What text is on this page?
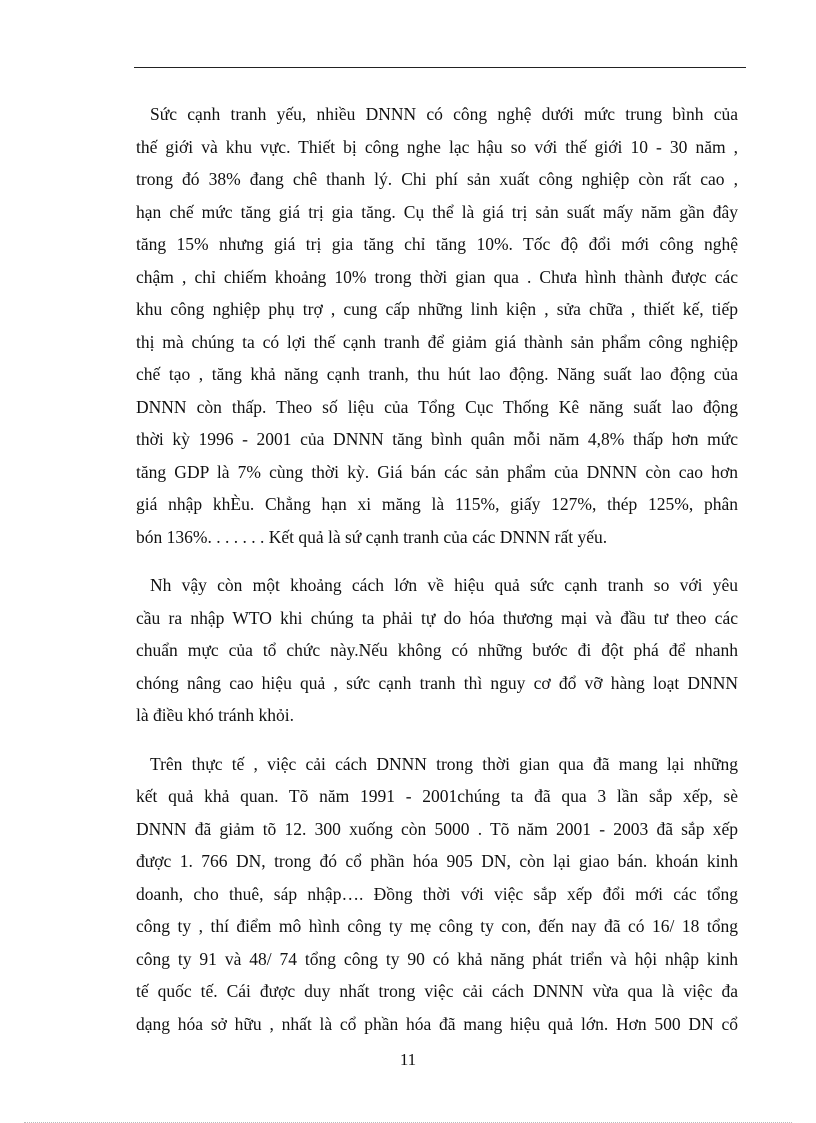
Sức cạnh tranh yếu, nhiều DNNN có công nghệ dưới mức trung bình của
thế giới và khu vực. Thiết bị công nghe lạc hậu so với thế giới 10 - 30 năm ,
trong đó 38% đang chê thanh lý. Chi phí sản xuất công nghiệp còn rất cao ,
hạn chế mức tăng giá trị gia tăng. Cụ thể là giá trị sản suất mấy năm gần đây
tăng 15% nhưng giá trị gia tăng chỉ tăng 10%. Tốc độ đổi mới công nghệ
chậm , chỉ chiếm khoảng 10% trong thời gian qua . Chưa hình thành được các
khu công nghiệp phụ trợ , cung cấp những linh kiện , sửa chữa , thiết kế, tiếp
thị mà chúng ta có lợi thế cạnh tranh để giảm giá thành sản phẩm công nghiệp
chế tạo , tăng khả năng cạnh tranh, thu hút lao động. Năng suất lao động của
DNNN còn thấp. Theo số liệu của Tổng Cục Thống Kê năng suất lao động
thời kỳ 1996 - 2001 của DNNN tăng bình quân mỗi năm 4,8% thấp hơn mức
tăng GDP là 7% cùng thời kỳ. Giá bán các sản phẩm của DNNN còn cao hơn
giá nhập khÈu. Chẳng hạn xi măng là 115%, giấy 127%, thép 125%, phân
bón 136%. . . . . . . Kết quả là sứ cạnh tranh của các DNNN rất yếu.
Nh vậy còn một khoảng cách lớn về hiệu quả sức cạnh tranh so với yêu
cầu ra nhập WTO khi chúng ta phải tự do hóa thương mại và đầu tư theo các
chuẩn mực của tổ chức này.Nếu không có những bước đi đột phá để nhanh
chóng nâng cao hiệu quả , sức cạnh tranh thì nguy cơ đổ vỡ hàng loạt DNNN
là điều khó tránh khỏi.
Trên thực tế , việc cải cách DNNN trong thời gian qua đã mang lại những
kết quả khả quan. Tõ năm 1991 - 2001chúng ta đã qua 3 lần sắp xếp, sè
DNNN đã giảm tõ 12. 300 xuống còn 5000 . Tõ năm 2001 - 2003 đã sắp xếp
được 1. 766 DN, trong đó cổ phần hóa 905 DN, còn lại giao bán. khoán kinh
doanh, cho thuê, sáp nhập…. Đồng thời với việc sắp xếp đổi mới các tổng
công ty , thí điểm mô hình công ty mẹ công ty con, đến nay đã có 16/ 18 tổng
công ty 91 và 48/ 74 tổng công ty 90 có khả năng phát triển và hội nhập kinh
tế quốc tế. Cái được duy nhất trong việc cải cách DNNN vừa qua là việc đa
dạng hóa sở hữu , nhất là cổ phần hóa đã mang hiệu quả lớn. Hơn 500 DN cổ
11
